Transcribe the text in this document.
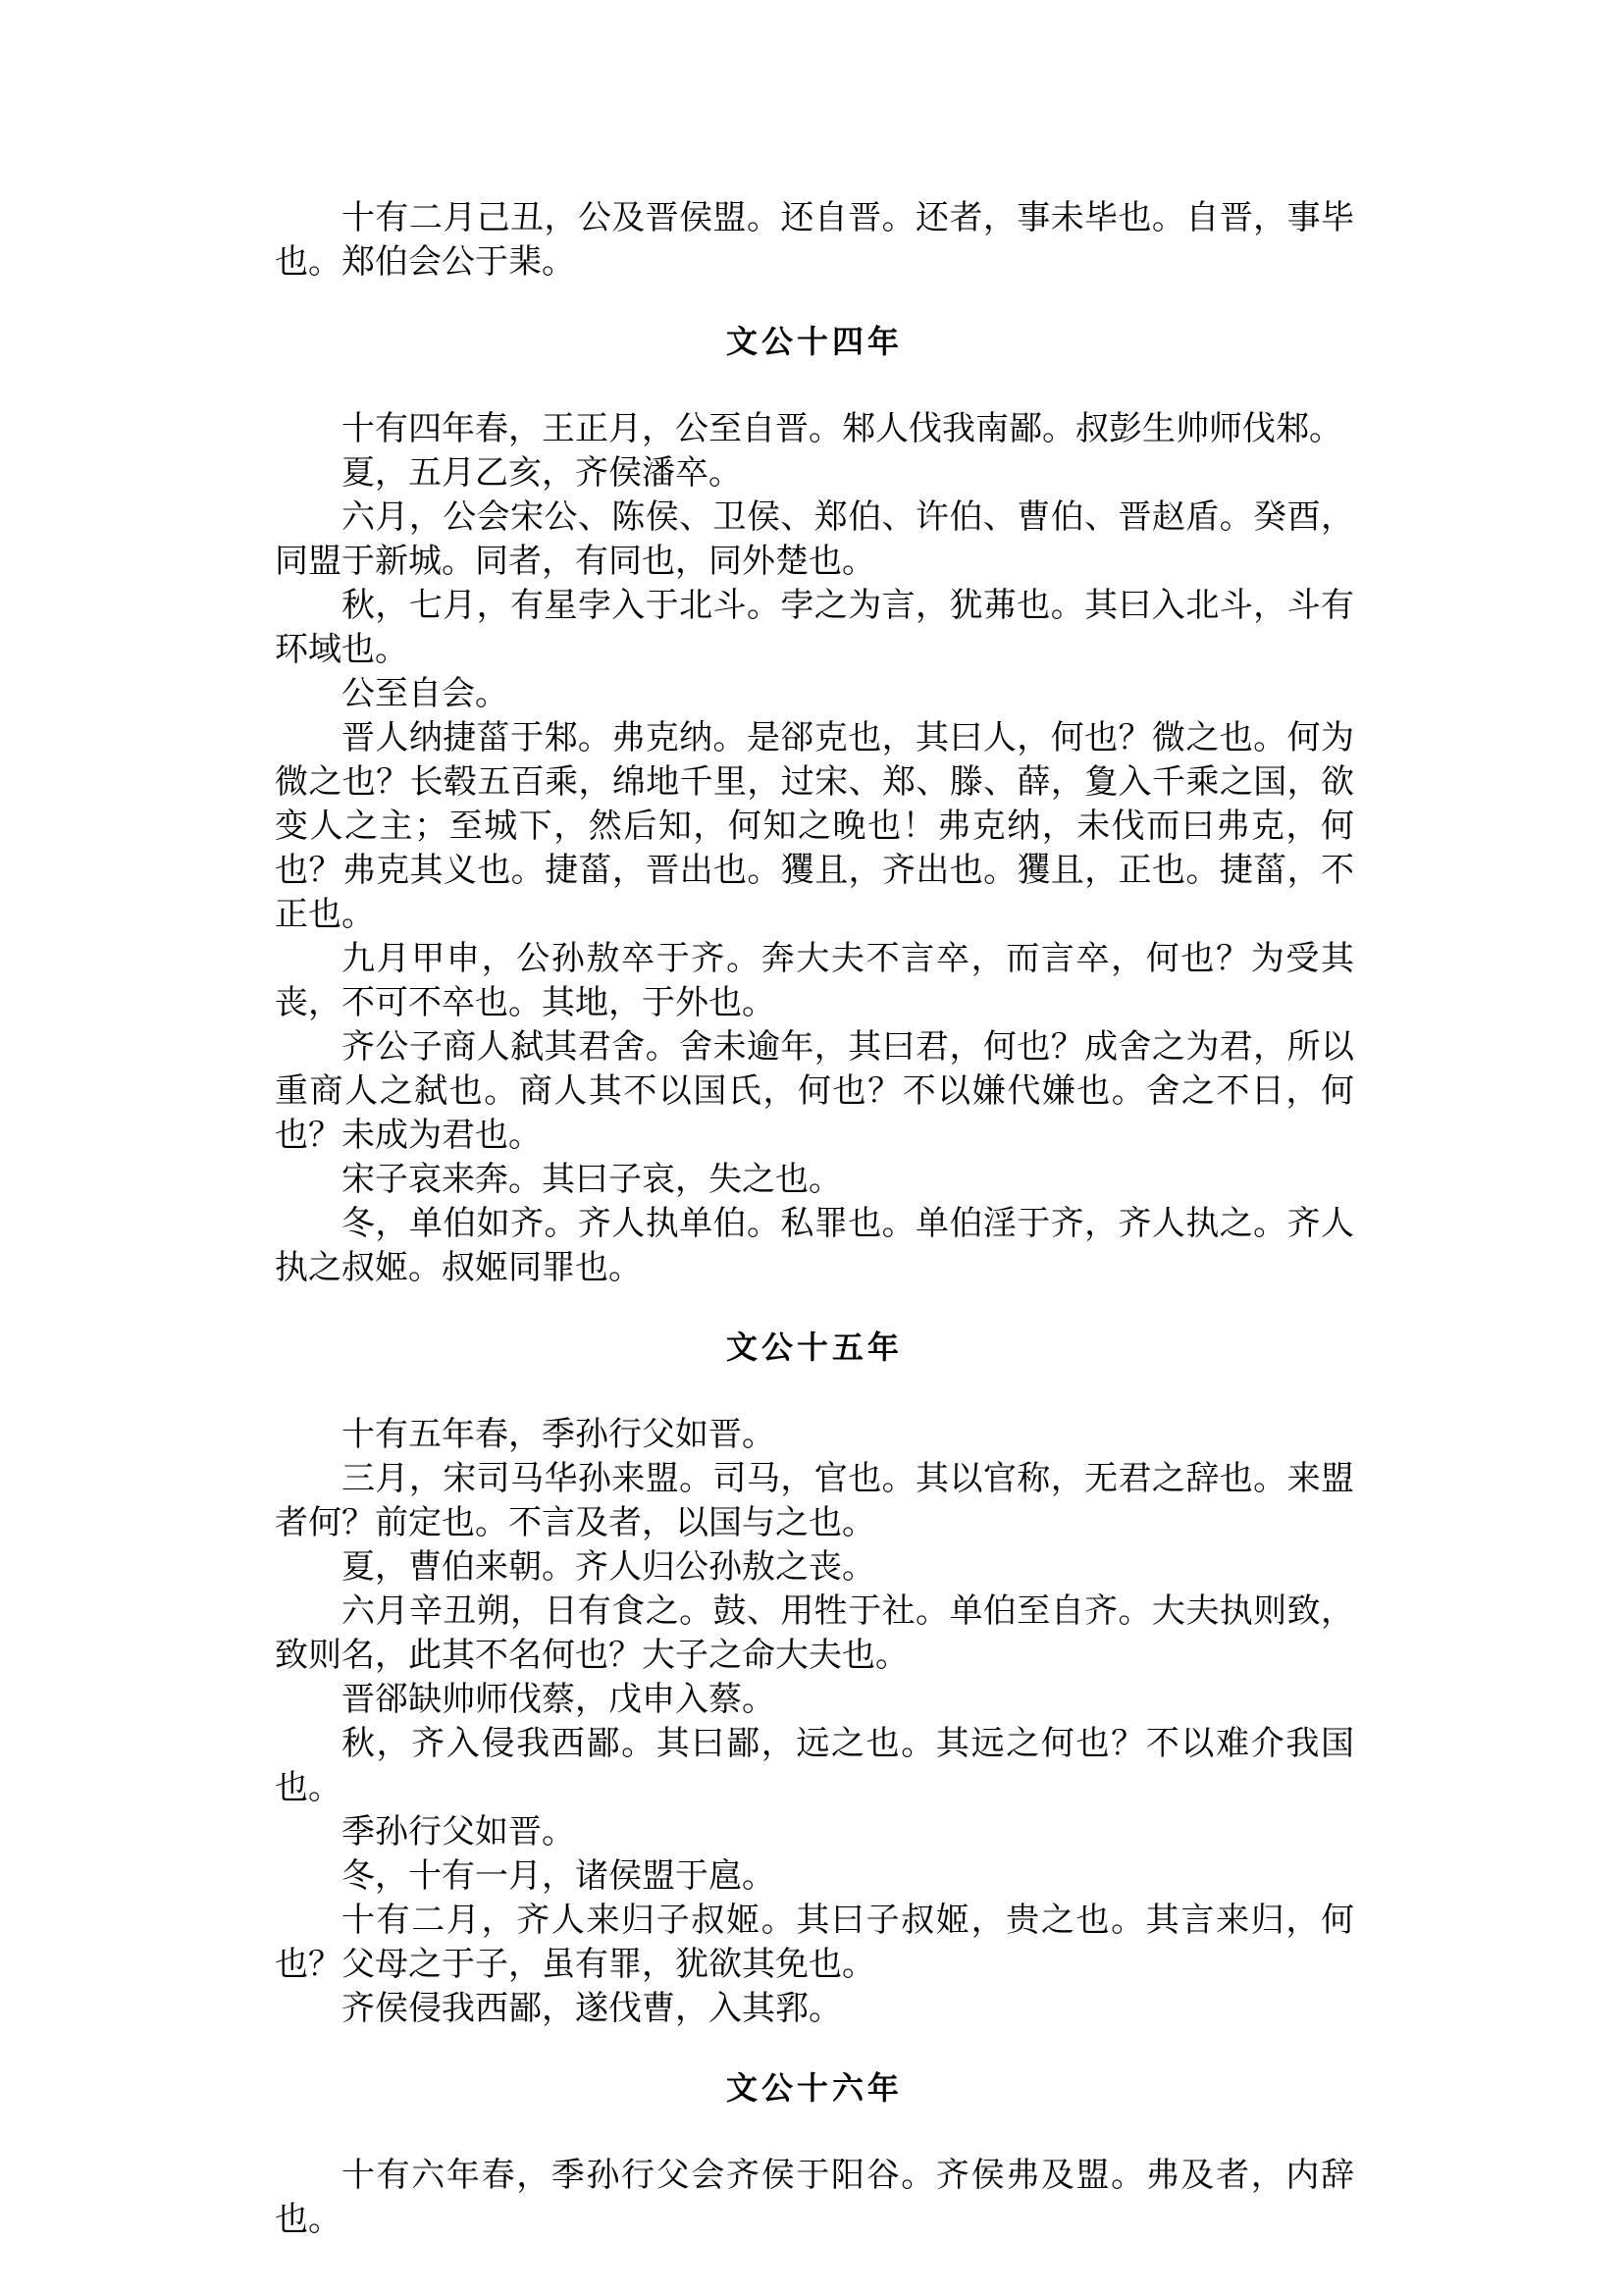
十有二月己丑，公及晋侯盟。还自晋。还者，事未毕也。自晋，事毕也。郑伯会公于棐。

文公十四年

十有四年春，王正月，公至自晋。邾人伐我南鄙。叔彭生帅师伐邾。

夏，五月乙亥，齐侯潘卒。

六月，公会宋公、陈侯、卫侯、郑伯、许伯、曹伯、晋赵盾。癸酉，同盟于新城。同者，有同也，同外楚也。

秋，七月，有星孛入于北斗。孛之为言，犹茀也。其曰入北斗，斗有环域也。

公至自会。

晋人纳捷菑于邾。弗克纳。是郤克也，其曰人，何也？微之也。何为微之也？长毂五百乘，绵地千里，过宋、郑、滕、薛，夐入千乘之国，欲变人之主；至城下，然后知，何知之晚也！弗克纳，未伐而曰弗克，何也？弗克其义也。捷菑，晋出也。玃且，齐出也。玃且，正也。捷菑，不正也。

九月甲申，公孙敖卒于齐。奔大夫不言卒，而言卒，何也？为受其丧，不可不卒也。其地，于外也。

齐公子商人弑其君舍。舍未逾年，其曰君，何也？成舍之为君，所以重商人之弑也。商人其不以国氏，何也？不以嫌代嫌也。舍之不日，何也？未成为君也。

宋子哀来奔。其曰子哀，失之也。

冬，单伯如齐。齐人执单伯。私罪也。单伯淫于齐，齐人执之。齐人执之叔姬。叔姬同罪也。

文公十五年

十有五年春，季孙行父如晋。

三月，宋司马华孙来盟。司马，官也。其以官称，无君之辞也。来盟者何？前定也。不言及者，以国与之也。

夏，曹伯来朝。齐人归公孙敖之丧。

六月辛丑朔，日有食之。鼓、用牲于社。单伯至自齐。大夫执则致，致则名，此其不名何也？大子之命大夫也。

晋郤缺帅师伐蔡，戊申入蔡。

秋，齐入侵我西鄙。其曰鄙，远之也。其远之何也？不以难介我国也。

季孙行父如晋。

冬，十有一月，诸侯盟于扈。

十有二月，齐人来归子叔姬。其曰子叔姬，贵之也。其言来归，何也？父母之于子，虽有罪，犹欲其免也。

齐侯侵我西鄙，遂伐曹，入其郛。

文公十六年

十有六年春，季孙行父会齐侯于阳谷。齐侯弗及盟。弗及者，内辞也。
